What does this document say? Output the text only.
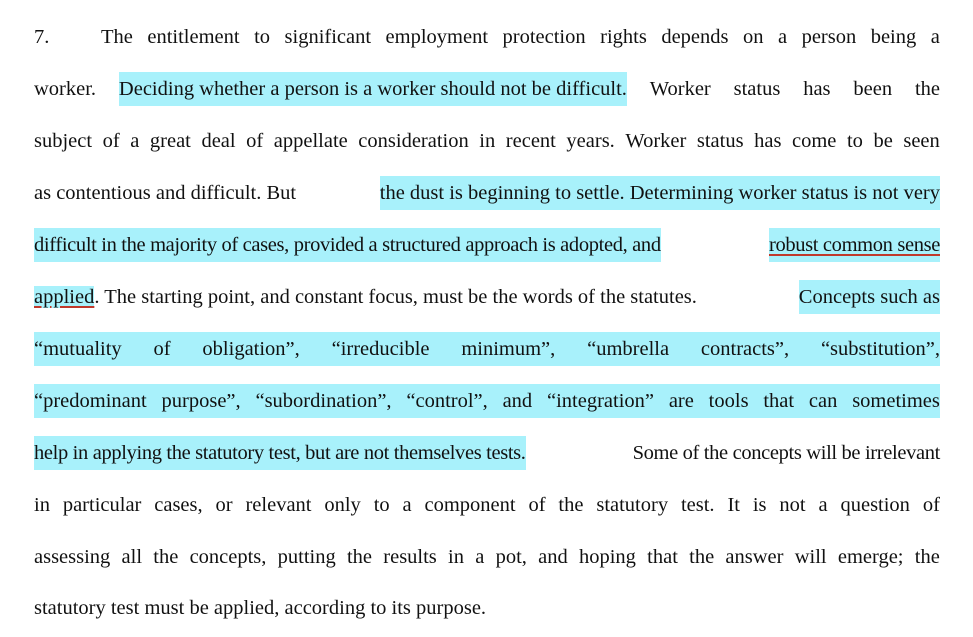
7.	The entitlement to significant employment protection rights depends on a person being a
worker. Deciding whether a person is a worker should not be difficult. Worker status has been the
subject of a great deal of appellate consideration in recent years. Worker status has come to be seen
as contentious and difficult. But	the dust is beginning to settle. Determining worker status is not very
difficult in the majority of cases, provided a structured approach is adopted, and	robust common sense
applied. The starting point, and constant focus, must be the words of the statutes.	Concepts such as
“mutuality of obligation”, “irreducible minimum”, “umbrella contracts”, “substitution”,
“predominant purpose”, “subordination”, “control”, and “integration” are tools that can sometimes
help in applying the statutory test, but are not themselves tests.	Some of the concepts will be irrelevant
in particular cases, or relevant only to a component of the statutory test. It is not a question of
assessing all the concepts, putting the results in a pot, and hoping that the answer will emerge; the
statutory test must be applied, according to its purpose.
